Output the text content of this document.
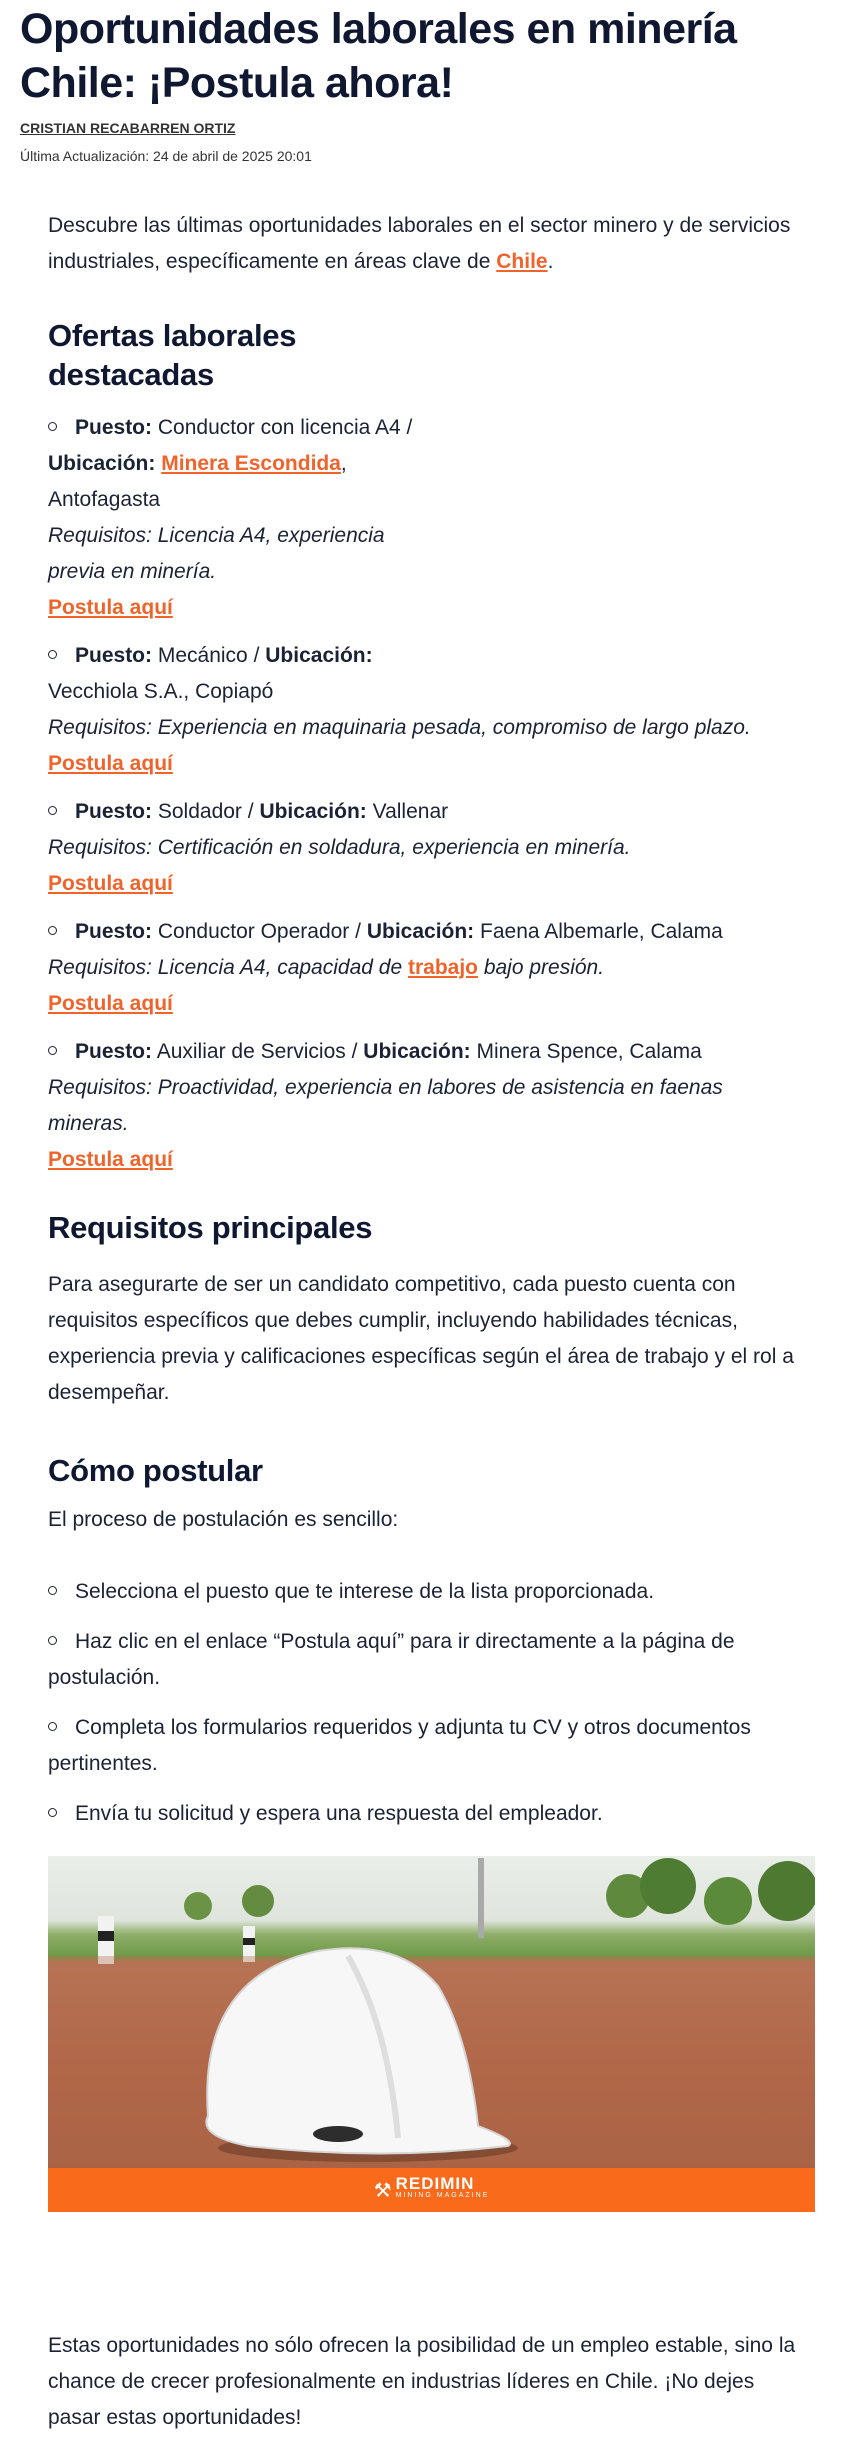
Oportunidades laborales en minería Chile: ¡Postula ahora!
CRISTIAN RECABARREN ORTIZ
Última Actualización: 24 de abril de 2025 20:01

Descubre las últimas oportunidades laborales en el sector minero y de servicios industriales, específicamente en áreas clave de Chile.

Ofertas laborales destacadas
Puesto: Conductor con licencia A4 / Ubicación: Minera Escondida, Antofagasta
Requisitos: Licencia A4, experiencia previa en minería.
Postula aquí
Puesto: Mecánico / Ubicación:
Vecchiola S.A., Copiapó
Requisitos: Experiencia en maquinaria pesada, compromiso de largo plazo.
Postula aquí
Puesto: Soldador / Ubicación: Vallenar
Requisitos: Certificación en soldadura, experiencia en minería.
Postula aquí
Puesto: Conductor Operador / Ubicación: Faena Albemarle, Calama
Requisitos: Licencia A4, capacidad de trabajo bajo presión.
Postula aquí
Puesto: Auxiliar de Servicios / Ubicación: Minera Spence, Calama
Requisitos: Proactividad, experiencia en labores de asistencia en faenas mineras.
Postula aquí
Requisitos principales

Para asegurarte de ser un candidato competitivo, cada puesto cuenta con requisitos específicos que debes cumplir, incluyendo habilidades técnicas, experiencia previa y calificaciones específicas según el área de trabajo y el rol a desempeñar.

Cómo postular

El proceso de postulación es sencillo:

Selecciona el puesto que te interese de la lista proporcionada.
Haz clic en el enlace “Postula aquí” para ir directamente a la página de postulación.
Completa los formularios requeridos y adjunta tu CV y otros documentos pertinentes.
Envía tu solicitud y espera una respuesta del empleador.
⚒ REDIMIN
MINING MAGAZINE

Estas oportunidades no sólo ofrecen la posibilidad de un empleo estable, sino la chance de crecer profesionalmente en industrias líderes en Chile. ¡No dejes pasar estas oportunidades!
